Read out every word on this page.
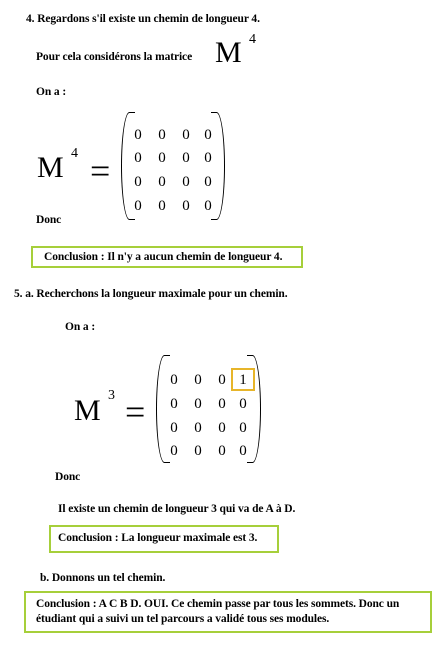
4. Regardons s'il existe un chemin de longueur 4.
Pour cela considérons la matrice M 4
On a :
M 4 =
0 0 0 0
0 0 0 0
0 0 0 0
0 0 0 0
Donc
Conclusion : Il n'y a aucun chemin de longueur 4.
5. a. Recherchons la longueur maximale pour un chemin.
On a :
M 3 =
0 0 0 1
0 0 0 0
0 0 0 0
0 0 0 0
Donc
Il existe un chemin de longueur 3 qui va de A à D.
Conclusion : La longueur maximale est 3.
b. Donnons un tel chemin.
Conclusion : A C B D. OUI. Ce chemin passe par tous les sommets. Donc un
étudiant qui a suivi un tel parcours a validé tous ses modules.
